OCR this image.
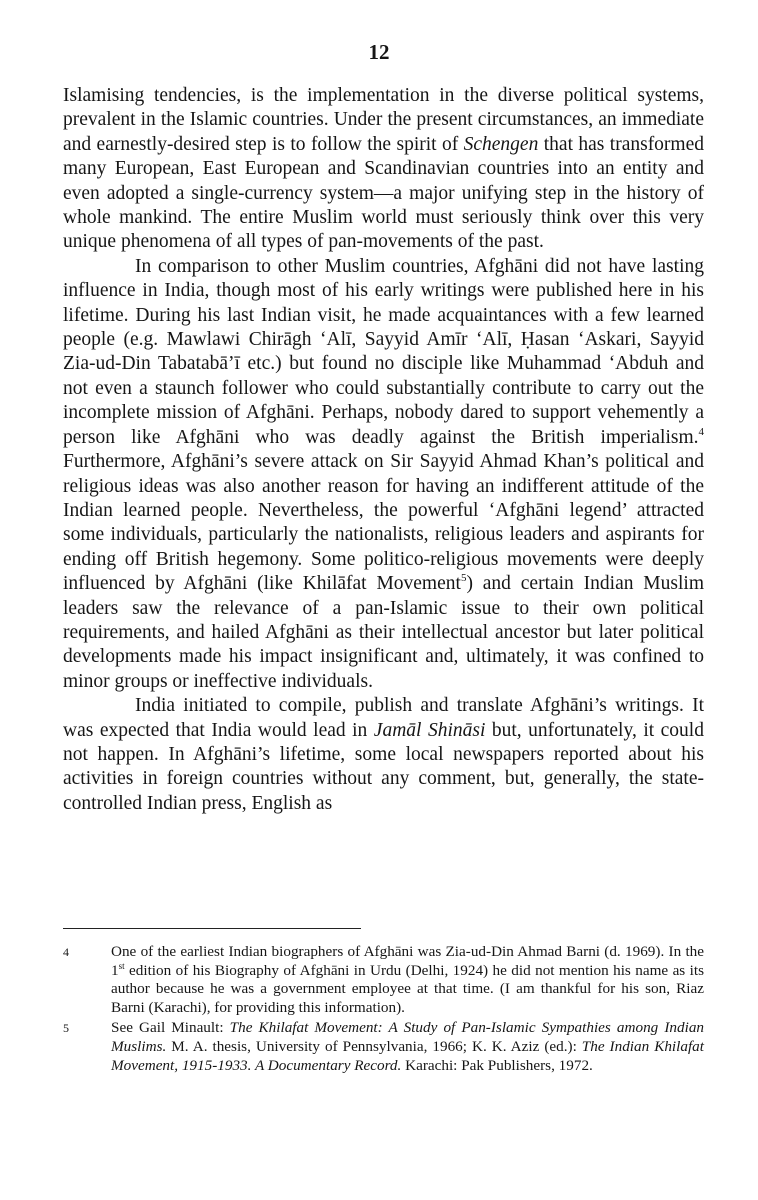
12

Islamising tendencies, is the implementation in the diverse political systems, prevalent in the Islamic countries. Under the present circumstances, an immediate and earnestly-desired step is to follow the spirit of Schengen that has transformed many European, East European and Scandinavian countries into an entity and even adopted a single-currency system—a major unifying step in the history of whole mankind. The entire Muslim world must seriously think over this very unique phenomena of all types of pan-movements of the past.

In comparison to other Muslim countries, Afghāni did not have lasting influence in India, though most of his early writings were published here in his lifetime. During his last Indian visit, he made acquaintances with a few learned people (e.g. Mawlawi Chirāgh ‘Alī, Sayyid Amīr ‘Alī, Ḥasan ‘Askari, Sayyid Zia-ud-Din Tabatabā’ī etc.) but found no disciple like Muhammad ‘Abduh and not even a staunch follower who could substantially contribute to carry out the incomplete mission of Afghāni. Perhaps, nobody dared to support vehemently a person like Afghāni who was deadly against the British imperialism.$^4$ Furthermore, Afghāni’s severe attack on Sir Sayyid Ahmad Khan’s political and religious ideas was also another reason for having an indifferent attitude of the Indian learned people. Nevertheless, the powerful ‘Afghāni legend’ attracted some individuals, particularly the nationalists, religious leaders and aspirants for ending off British hegemony. Some politico-religious movements were deeply influenced by Afghāni (like Khilāfat Movement$^5$) and certain Indian Muslim leaders saw the relevance of a pan-Islamic issue to their own political requirements, and hailed Afghāni as their intellectual ancestor but later political developments made his impact insignificant and, ultimately, it was confined to minor groups or ineffective individuals.

India initiated to compile, publish and translate Afghāni’s writings. It was expected that India would lead in Jamāl Shināsi but, unfortunately, it could not happen. In Afghāni’s lifetime, some local newspapers reported about his activities in foreign countries without any comment, but, generally, the state-controlled Indian press, English as

4	One of the earliest Indian biographers of Afghāni was Zia-ud-Din Ahmad Barni (d. 1969). In the 1st edition of his Biography of Afghāni in Urdu (Delhi, 1924) he did not mention his name as its author because he was a government employee at that time. (I am thankful for his son, Riaz Barni (Karachi), for providing this information).
5	See Gail Minault: The Khilafat Movement: A Study of Pan-Islamic Sympathies among Indian Muslims. M. A. thesis, University of Pennsylvania, 1966; K. K. Aziz (ed.): The Indian Khilafat Movement, 1915-1933. A Documentary Record. Karachi: Pak Publishers, 1972.
